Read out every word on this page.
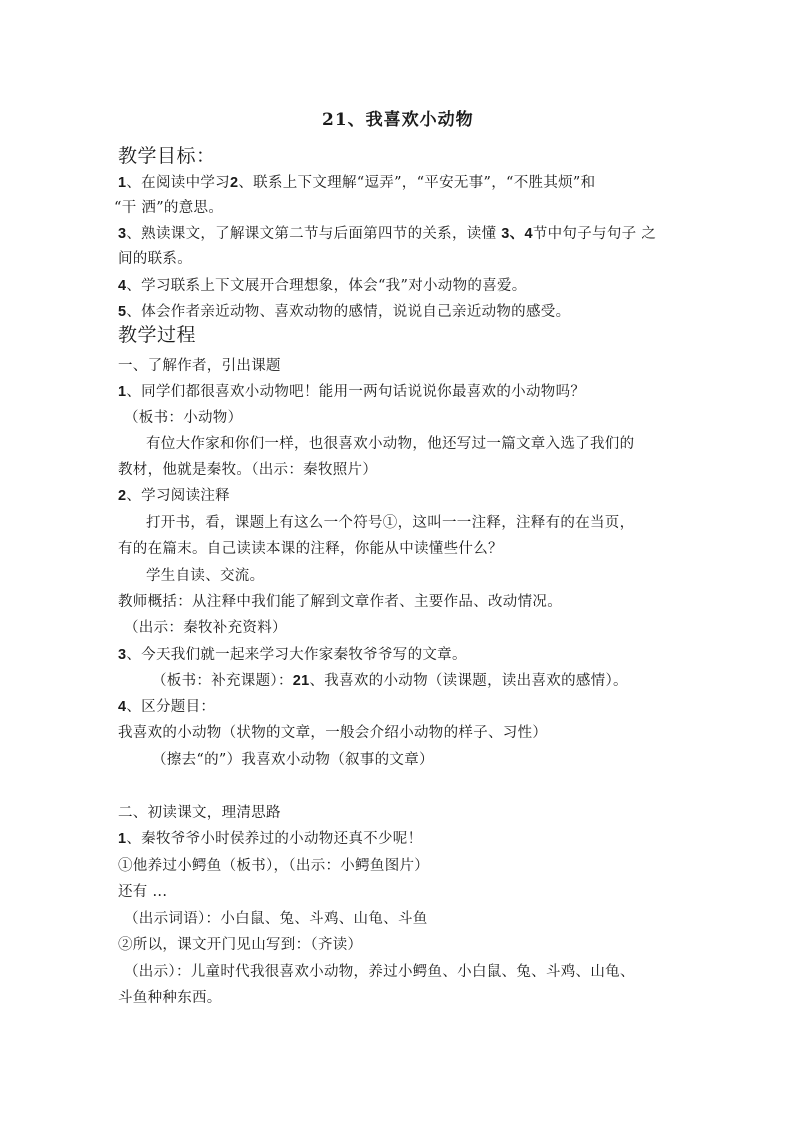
21、我喜欢小动物
教学目标：
1、在阅读中学习2、联系上下文理解“逗弄”，“平安无事”，“不胜其烦”和
“干 洒”的意思。
3、熟读课文，了解课文第二节与后面第四节的关系，读懂 3、4节中句子与句子 之
间的联系。
4、学习联系上下文展开合理想象，体会“我”对小动物的喜爱。
5、体会作者亲近动物、喜欢动物的感情，说说自己亲近动物的感受。
教学过程
一、了解作者，引出课题
1、同学们都很喜欢小动物吧！能用一两句话说说你最喜欢的小动物吗？
（板书：小动物）
有位大作家和你们一样，也很喜欢小动物，他还写过一篇文章入选了我们的
教材，他就是秦牧。（出示：秦牧照片）
2、学习阅读注释
打开书，看，课题上有这么一个符号①，这叫一一注释，注释有的在当页，
有的在篇末。自己读读本课的注释，你能从中读懂些什么？
学生自读、交流。
教师概括：从注释中我们能了解到文章作者、主要作品、改动情况。
（出示：秦牧补充资料）
3、今天我们就一起来学习大作家秦牧爷爷写的文章。
（板书：补充课题）：21、我喜欢的小动物（读课题，读出喜欢的感情）。
4、区分题目：
我喜欢的小动物（状物的文章，一般会介绍小动物的样子、习性）
（擦去“的”）我喜欢小动物（叙事的文章）
二、初读课文，理清思路
1、秦牧爷爷小时侯养过的小动物还真不少呢！
①他养过小鳄鱼（板书），（出示：小鳄鱼图片）
还有 ...
（出示词语）：小白鼠、兔、斗鸡、山龟、斗鱼
②所以，课文开门见山写到：（齐读）
（出示）：儿童时代我很喜欢小动物，养过小鳄鱼、小白鼠、兔、斗鸡、山龟、
斗鱼种种东西。
